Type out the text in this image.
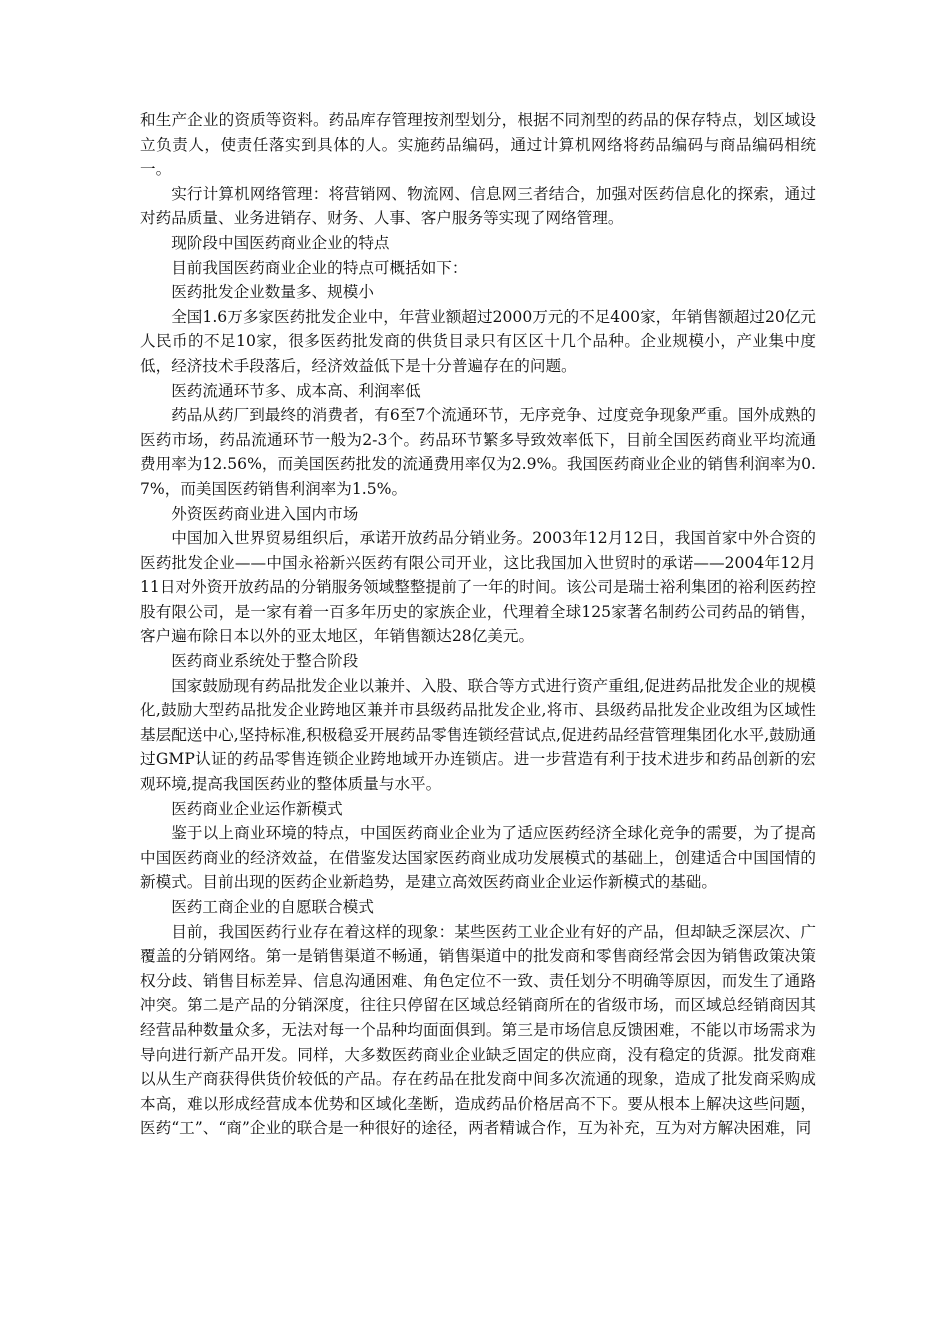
和生产企业的资质等资料。药品库存管理按剂型划分，根据不同剂型的药品的保存特点，划区域设立负责人，使责任落实到具体的人。实施药品编码，通过计算机网络将药品编码与商品编码相统一。

实行计算机网络管理：将营销网、物流网、信息网三者结合，加强对医药信息化的探索，通过对药品质量、业务进销存、财务、人事、客户服务等实现了网络管理。

现阶段中国医药商业企业的特点

目前我国医药商业企业的特点可概括如下：

医药批发企业数量多、规模小

全国1.6万多家医药批发企业中，年营业额超过2000万元的不足400家，年销售额超过20亿元人民币的不足10家，很多医药批发商的供货目录只有区区十几个品种。企业规模小，产业集中度低，经济技术手段落后，经济效益低下是十分普遍存在的问题。

医药流通环节多、成本高、利润率低

药品从药厂到最终的消费者，有6至7个流通环节，无序竞争、过度竞争现象严重。国外成熟的医药市场，药品流通环节一般为2-3个。药品环节繁多导致效率低下，目前全国医药商业平均流通费用率为12.56%，而美国医药批发的流通费用率仅为2.9%。我国医药商业企业的销售利润率为0.7%，而美国医药销售利润率为1.5%。

外资医药商业进入国内市场

中国加入世界贸易组织后，承诺开放药品分销业务。2003年12月12日，我国首家中外合资的医药批发企业——中国永裕新兴医药有限公司开业，这比我国加入世贸时的承诺——2004年12月11日对外资开放药品的分销服务领域整整提前了一年的时间。该公司是瑞士裕利集团的裕利医药控股有限公司，是一家有着一百多年历史的家族企业，代理着全球125家著名制药公司药品的销售，客户遍布除日本以外的亚太地区，年销售额达28亿美元。

医药商业系统处于整合阶段

国家鼓励现有药品批发企业以兼并、入股、联合等方式进行资产重组,促进药品批发企业的规模化,鼓励大型药品批发企业跨地区兼并市县级药品批发企业,将市、县级药品批发企业改组为区域性基层配送中心,坚持标准,积极稳妥开展药品零售连锁经营试点,促进药品经营管理集团化水平,鼓励通过GMP认证的药品零售连锁企业跨地域开办连锁店。进一步营造有利于技术进步和药品创新的宏观环境,提高我国医药业的整体质量与水平。

医药商业企业运作新模式

鉴于以上商业环境的特点，中国医药商业企业为了适应医药经济全球化竞争的需要，为了提高中国医药商业的经济效益，在借鉴发达国家医药商业成功发展模式的基础上，创建适合中国国情的新模式。目前出现的医药企业新趋势，是建立高效医药商业企业运作新模式的基础。

医药工商企业的自愿联合模式

目前，我国医药行业存在着这样的现象：某些医药工业企业有好的产品，但却缺乏深层次、广覆盖的分销网络。第一是销售渠道不畅通，销售渠道中的批发商和零售商经常会因为销售政策决策权分歧、销售目标差异、信息沟通困难、角色定位不一致、责任划分不明确等原因，而发生了通路冲突。第二是产品的分销深度，往往只停留在区域总经销商所在的省级市场，而区域总经销商因其经营品种数量众多，无法对每一个品种均面面俱到。第三是市场信息反馈困难，不能以市场需求为导向进行新产品开发。同样，大多数医药商业企业缺乏固定的供应商，没有稳定的货源。批发商难以从生产商获得供货价较低的产品。存在药品在批发商中间多次流通的现象，造成了批发商采购成本高，难以形成经营成本优势和区域化垄断，造成药品价格居高不下。要从根本上解决这些问题，医药“工”、“商”企业的联合是一种很好的途径，两者精诚合作，互为补充，互为对方解决困难，同
